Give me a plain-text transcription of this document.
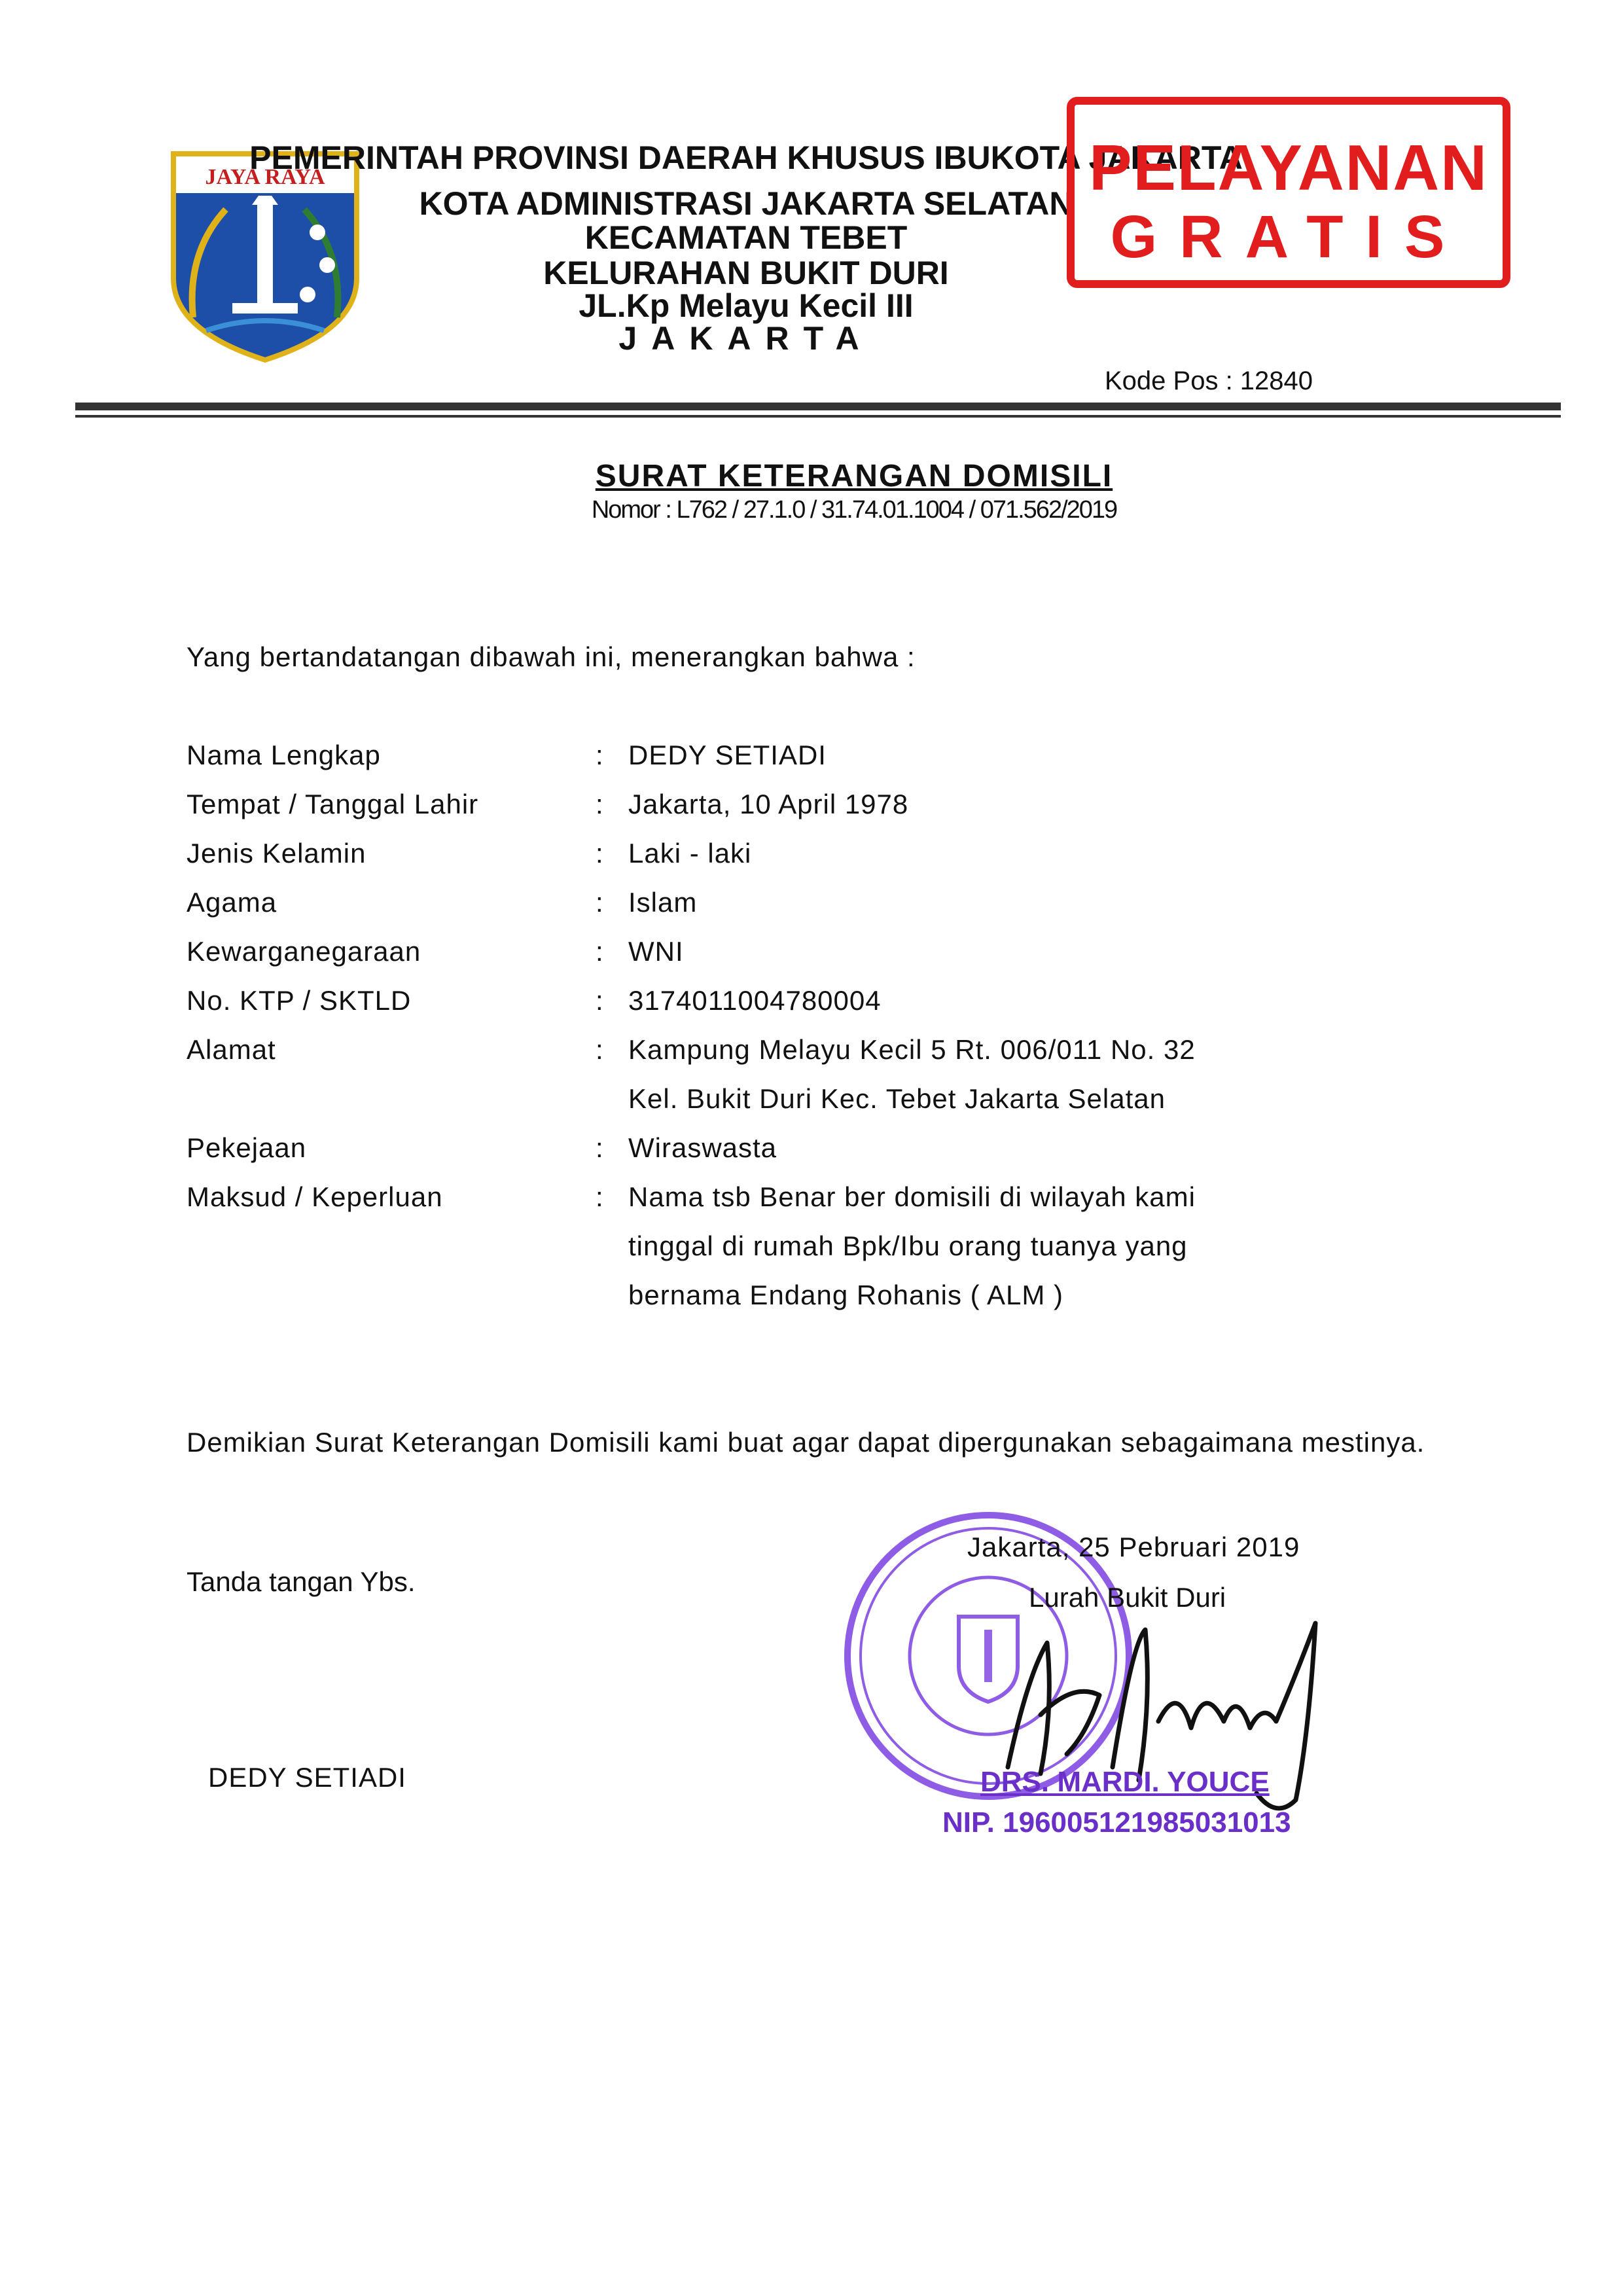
JAYA RAYA
PEMERINTAH PROVINSI DAERAH KHUSUS IBUKOTA JAKARTA
KOTA ADMINISTRASI JAKARTA SELATAN
KECAMATAN TEBET
KELURAHAN BUKIT DURI
JL.Kp Melayu Kecil III
JAKARTA
Kode Pos : 12840
PELAYANAN
GRATIS
SURAT KETERANGAN DOMISILI
Nomor : L762 / 27.1.0 / 31.74.01.1004 / 071.562/2019
Yang bertandatangan dibawah ini, menerangkan bahwa :
Nama Lengkap	: DEDY SETIADI
Tempat / Tanggal Lahir	: Jakarta, 10 April 1978
Jenis Kelamin	: Laki - laki
Agama	: Islam
Kewarganegaraan	: WNI
No. KTP / SKTLD	: 3174011004780004
Alamat	: Kampung Melayu Kecil 5 Rt. 006/011 No. 32
Kel. Bukit Duri Kec. Tebet Jakarta Selatan
Pekejaan	: Wiraswasta
Maksud / Keperluan	: Nama tsb Benar ber domisili di wilayah kami
tinggal di rumah Bpk/Ibu orang tuanya yang
bernama Endang Rohanis ( ALM )
Demikian Surat Keterangan Domisili kami buat agar dapat dipergunakan sebagaimana mestinya.
Tanda tangan Ybs.
DEDY SETIADI
Jakarta, 25 Pebruari 2019
Lurah Bukit Duri
DRS. MARDI. YOUCE
NIP. 196005121985031013
